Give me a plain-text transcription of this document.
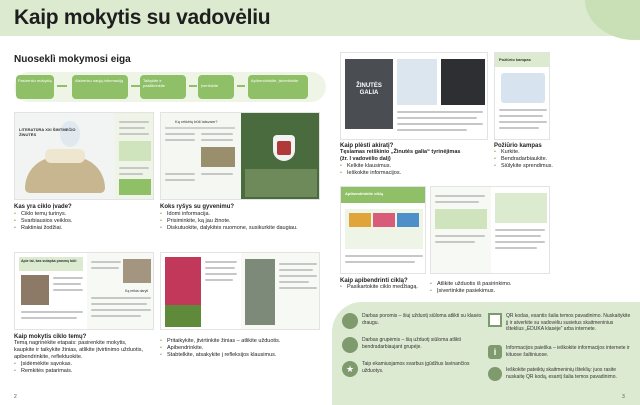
Kaip mokytis su vadovėliu
Nuoseklì mokymosi eiga
Pasirenku mokyklą	Atsirenku naują informaciją	Taikykite ir pasitikrinkite	Įvertinkite
Apibendrinkite, įsivertinkite
LITERATŪRA XXI ŠIMTMEČIO ŽINUTĖS
Ką reikėtų būti laisvam?
Kas yra ciklo įvade?
• Ciklo temų turinys.
• Svarbiausios veiklos.
• Raktiniai žodžiai.
Koks ryšys su gyvenimu?
• Idomi informacija.
• Prisiminkite, ką jau žinote.
• Diskutuokite, dalykitės nuomone, susikurkite daugiau.
ŽINUTĖS GALIA
Požiūrio kampas
Kaip plėsti akiratį?
Tęsiamas reiškinio „Žinutės galia“ tyrinėjimas
(žr. I vadovėlio dalį)
• Kelkite klausimus.
• Ieškokite informacijos.
Požiūrio kampas
• Kurkite.
• Bendradarbiaukite.
• Siūlykite sprendimus.
Apibendrinkite ciklą
Kaip apibendrinti ciklą?
• Pasikartokite ciklo medžiagą.
•	Atlikite užduotis iš pasirinkimo.
• Įsivertinkite pasiekimus.
Apie tai, kas sutapka prasmę būti
Ką reikia daryti
Kaip mokytis ciklo temų?
Temą nagrinėkite etapais: pasirenkite mokytis,
kaupkite ir taikykite žinias, atlikite įtvirtinimo užduotis,
apibendrinkite, reflektuokite.
• Įsidėmėkite sąvokas.
• Remkitės patarimais.
• Pritaikykite, įtvirtinkite žinias – atlikite užduotis.
• Apibendrinkite.
• Stabtelkite, atsakykite į refleksijos klausimus.
Darbas poromis – šiuį užduotį siūloma atlikti su klasės draugu.
Darbas grupėmis – šią užduotį siūloma atlikti bendradarbiaujant grupėje.
★	Taip ekamiuojamos svarbus įgūdžius lavinančios užduotys.
QR kodas, esantis šalia temos pavadinimo. Nuskaitykite jį ir atverkite su vadovėliu susietus skaitmeninius išteklius „ĖDUKA klasėje“ arba internete.
i	Informacijos paieška – ieškokite informacijos internete ir kituose šaltiniuose.
Ieškokite pateiktų skaitmeninių išteklių: juos rasite nuskaitę QR kodą, esantį šalia temos pavadinimo.
2	3
